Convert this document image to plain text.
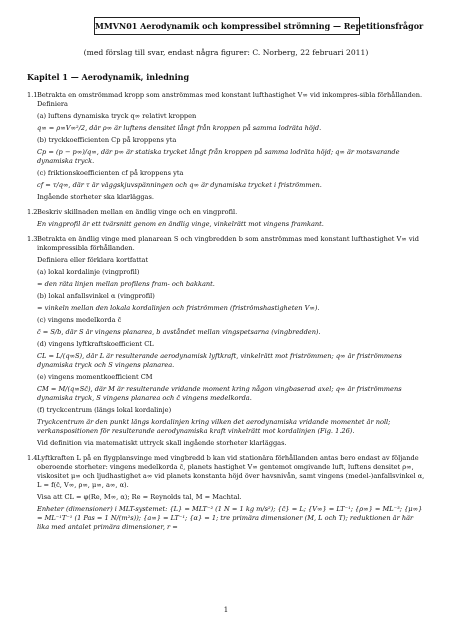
MMVN01 Aerodynamik och kompressibel strömning — Repetitionsfrågor
(med förslag till svar, endast några figurer: C. Norberg, 22 februari 2011)
Kapitel 1 — Aerodynamik, inledning
1.1 Betrakta en omströmmad kropp som anströmmas med konstant lufthastighet V∞ vid inkompres-sibla förhållanden. Definiera
(a) luftens dynamiska tryck q∞ relativt kroppen
q∞ = ρ∞V∞²/2, där ρ∞ är luftens densitet långt från kroppen på samma lodräta höjd.
(b) tryckkoefficienten Cp på kroppens yta
Cp = (p − p∞)/q∞, där p∞ är statiska trycket långt från kroppen på samma lodräta höjd; q∞ är motsvarande dynamiska tryck.
(c) friktionskoefficienten cf på kroppens yta
cf = τ/q∞, där τ är väggskjuvspänningen och q∞ är dynamiska trycket i friströmmen.
Ingående storheter ska klarläggas.
1.2 Beskriv skillnaden mellan en ändlig vinge och en vingprofil.
En vingprofil är ett tvärsnitt genom en ändlig vinge, vinkelrätt mot vingens framkant.
1.3 Betrakta en ändlig vinge med planarean S och vingbredden b som anströmmas med konstant lufthastighet V∞ vid inkompressibla förhållanden.
Definiera eller förklara kortfattat
(a) lokal kordalinje (vingprofil)
= den räta linjen mellan profilens fram- och bakkant.
(b) lokal anfallsvinkel α (vingprofil)
= vinkeln mellan den lokala kordalinjen och friströmmen (friströmshastigheten V∞).
(c) vingens medelkorda c̄
c̄ = S/b, där S är vingens planarea, b avståndet mellan vingspetsarna (vingbredden).
(d) vingens lyftkraftskoefficient CL
CL = L/(q∞S), där L är resulterande aerodynamisk lyftkraft, vinkelrätt mot friströmmen; q∞ är friströmmens dynamiska tryck och S vingens planarea.
(e) vingens momentkoefficient CM
CM = M/(q∞Sc̄), där M är resulterande vridande moment kring någon vingbaserad axel; q∞ är friströmmens dynamiska tryck, S vingens planarea och c̄ vingens medelkorda.
(f) tryckcentrum (längs lokal kordalinje)
Tryckcentrum är den punkt längs kordalinjen kring vilken det aerodynamiska vridande momentet är noll; verkanspositionen för resulterande aerodynamiska kraft vinkelrätt mot kordalinjen (Fig. 1.26).
Vid definition via matematiskt uttryck skall ingående storheter klarläggas.
1.4 Lyftkraften L på en flygplansvinge med vingbredd b kan vid stationära förhållanden antas bero endast av följande oberoende storheter: vingens medelkorda c̄, planets hastighet V∞ gentemot omgivande luft, luftens densitet ρ∞, viskositet μ∞ och ljudhastighet a∞ vid planets konstanta höjd över havsnivån, samt vingens (medel-)anfallsvinkel α, L = f(c̄, V∞, ρ∞, μ∞, a∞, α).
Visa att CL = φ(Re, M∞, α); Re = Reynolds tal, M = Machtal.
Enheter (dimensioner) i MLT-systemet: {L} = MLT⁻² (1 N = 1 kg m/s²); {c̄} = L; {V∞} = LT⁻¹; {ρ∞} = ML⁻³; {μ∞} = ML⁻¹T⁻¹ (1 Pas = 1 N/(m²s)); {a∞} = LT⁻¹; {α} = 1; tre primära dimensioner (M, L och T); reduktionen är här lika med antalet primära dimensioner, r =
1
